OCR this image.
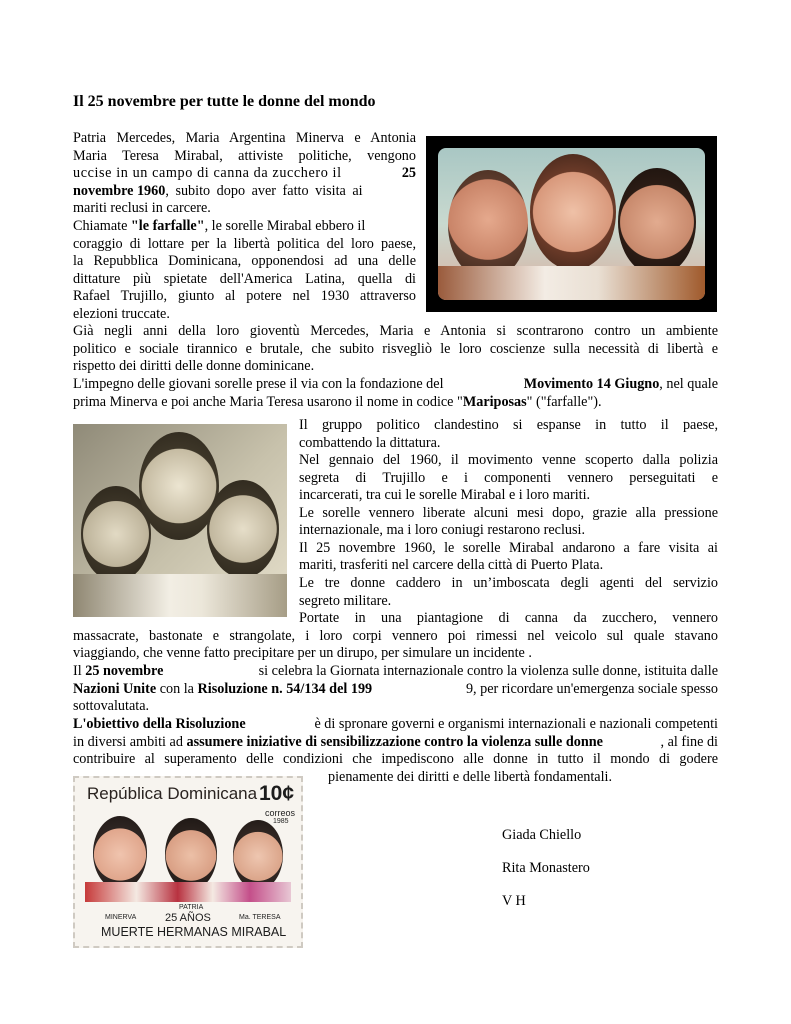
Il 25 novembre per tutte le donne del mondo
Patria Mercedes, Maria Argentina Minerva e Antonia
Maria Teresa Mirabal, attiviste politiche, vengono
uccise in un campo di canna da zucchero il	25
novembre 1960, subito dopo aver fatto visita ai
mariti reclusi in carcere.
Chiamate "le farfalle", le sorelle Mirabal ebbero il
coraggio di lottare per la libertà politica del loro paese,
la Repubblica Dominicana, opponendosi ad una delle
dittature più spietate dell'America Latina, quella di
Rafael Trujillo, giunto al potere nel 1930 attraverso
elezioni truccate.
Già negli anni della loro gioventù Mercedes, Maria e Antonia si scontrarono contro un ambiente
politico e sociale tirannico e brutale, che subito risvegliò le loro coscienze sulla necessità di libertà e
rispetto dei diritti delle donne dominicane.
L'impegno delle giovani sorelle prese il via con la fondazione del	Movimento 14 Giugno, nel quale
prima Minerva e poi anche Maria Teresa usarono il nome in codice "Mariposas" ("farfalle").
Il gruppo politico clandestino si espanse in tutto il paese,
combattendo la dittatura.
Nel gennaio del 1960, il movimento venne scoperto dalla polizia
segreta di Trujillo e i componenti vennero perseguitati e
incarcerati, tra cui le sorelle Mirabal e i loro mariti.
Le sorelle vennero liberate alcuni mesi dopo, grazie alla pressione
internazionale, ma i loro coniugi restarono reclusi.
Il 25 novembre 1960, le sorelle Mirabal andarono a fare visita ai
mariti, trasferiti nel carcere della città di Puerto Plata.
Le tre donne caddero in un’imboscata degli agenti del servizio
segreto militare.
Portate in una piantagione di canna da zucchero, vennero
massacrate, bastonate e strangolate, i loro corpi vennero poi rimessi nel veicolo sul quale stavano
viaggiando, che venne fatto precipitare per un dirupo, per simulare un incidente .
Il 25 novembre	si celebra la Giornata internazionale contro la violenza sulle donne, istituita dalle
Nazioni Unite con la Risoluzione n. 54/134 del 199	9, per ricordare un'emergenza sociale spesso
sottovalutata.
L'obiettivo della Risoluzione	è di spronare governi e organismi internazionali e nazionali competenti
in diversi ambiti ad assumere iniziative di sensibilizzazione contro la violenza sulle donne	, al fine di
contribuire al superamento delle condizioni che impediscono alle donne in tutto il mondo di godere
pienamente dei diritti e delle libertà fondamentali.
República Dominicana 10¢
correos
1985
PATRIA
MINERVA	Ma. TERESA
25 AÑOS
MUERTE HERMANAS MIRABAL
Giada Chiello
Rita Monastero
V H
